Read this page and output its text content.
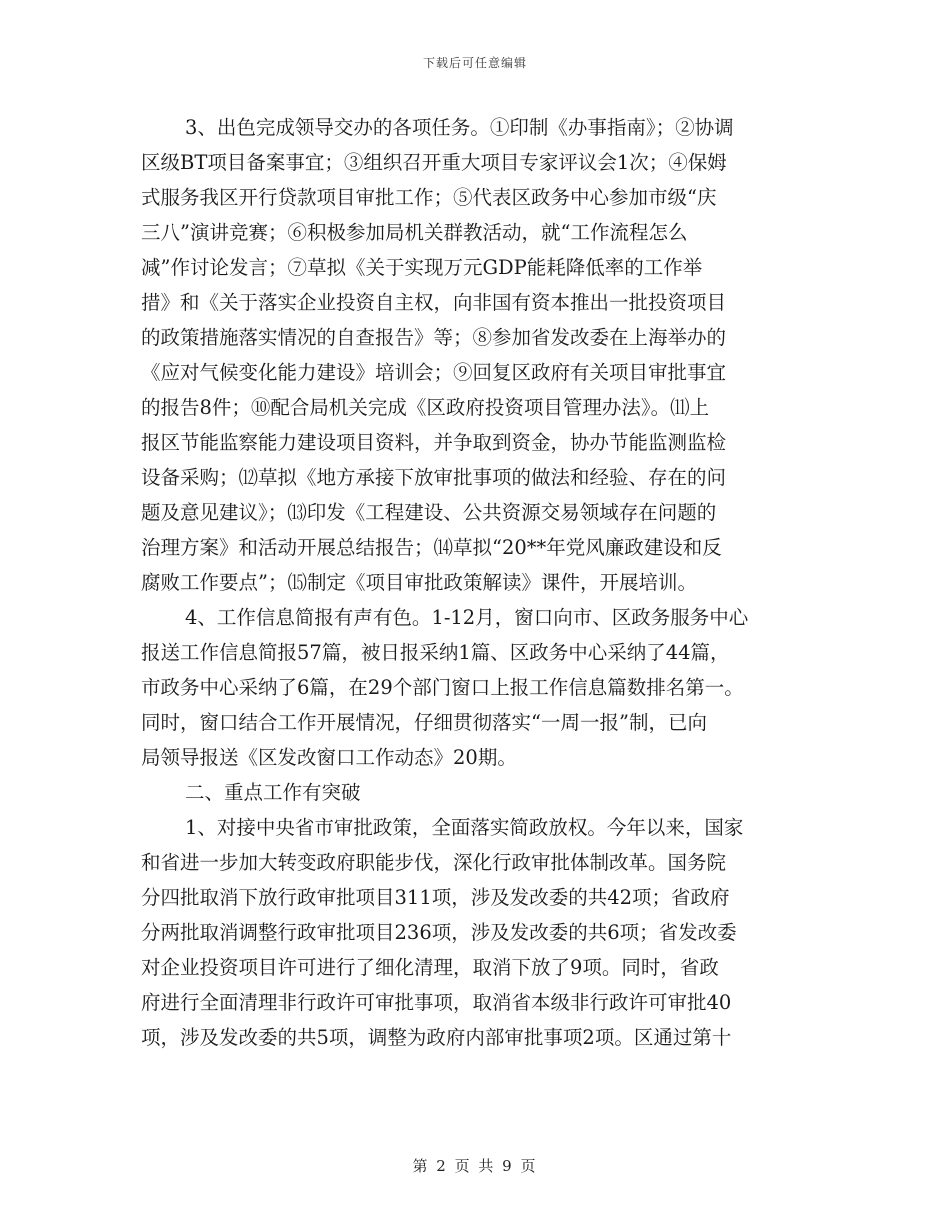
下载后可任意编辑
3、出色完成领导交办的各项任务。①印制《办事指南》；②协调
区级BT项目备案事宜；③组织召开重大项目专家评议会1次；④保姆
式服务我区开行贷款项目审批工作；⑤代表区政务中心参加市级“庆
三八”演讲竞赛；⑥积极参加局机关群教活动，就“工作流程怎么
减”作讨论发言；⑦草拟《关于实现万元GDP能耗降低率的工作举
措》和《关于落实企业投资自主权，向非国有资本推出一批投资项目
的政策措施落实情况的自查报告》等；⑧参加省发改委在上海举办的
《应对气候变化能力建设》培训会；⑨回复区政府有关项目审批事宜
的报告8件；⑩配合局机关完成《区政府投资项目管理办法》。⑾上
报区节能监察能力建设项目资料，并争取到资金，协办节能监测监检
设备采购；⑿草拟《地方承接下放审批事项的做法和经验、存在的问
题及意见建议》；⒀印发《工程建设、公共资源交易领域存在问题的
治理方案》和活动开展总结报告；⒁草拟“20**年党风廉政建设和反
腐败工作要点”；⒂制定《项目审批政策解读》课件，开展培训。
4、工作信息简报有声有色。1-12月，窗口向市、区政务服务中心
报送工作信息简报57篇，被日报采纳1篇、区政务中心采纳了44篇，
市政务中心采纳了6篇，在29个部门窗口上报工作信息篇数排名第一。
同时，窗口结合工作开展情况，仔细贯彻落实“一周一报”制，已向
局领导报送《区发改窗口工作动态》20期。
二、重点工作有突破
1、对接中央省市审批政策，全面落实简政放权。今年以来，国家
和省进一步加大转变政府职能步伐，深化行政审批体制改革。国务院
分四批取消下放行政审批项目311项，涉及发改委的共42项；省政府
分两批取消调整行政审批项目236项，涉及发改委的共6项；省发改委
对企业投资项目许可进行了细化清理，取消下放了9项。同时，省政
府进行全面清理非行政许可审批事项，取消省本级非行政许可审批40
项，涉及发改委的共5项，调整为政府内部审批事项2项。区通过第十
第 2 页 共 9 页
